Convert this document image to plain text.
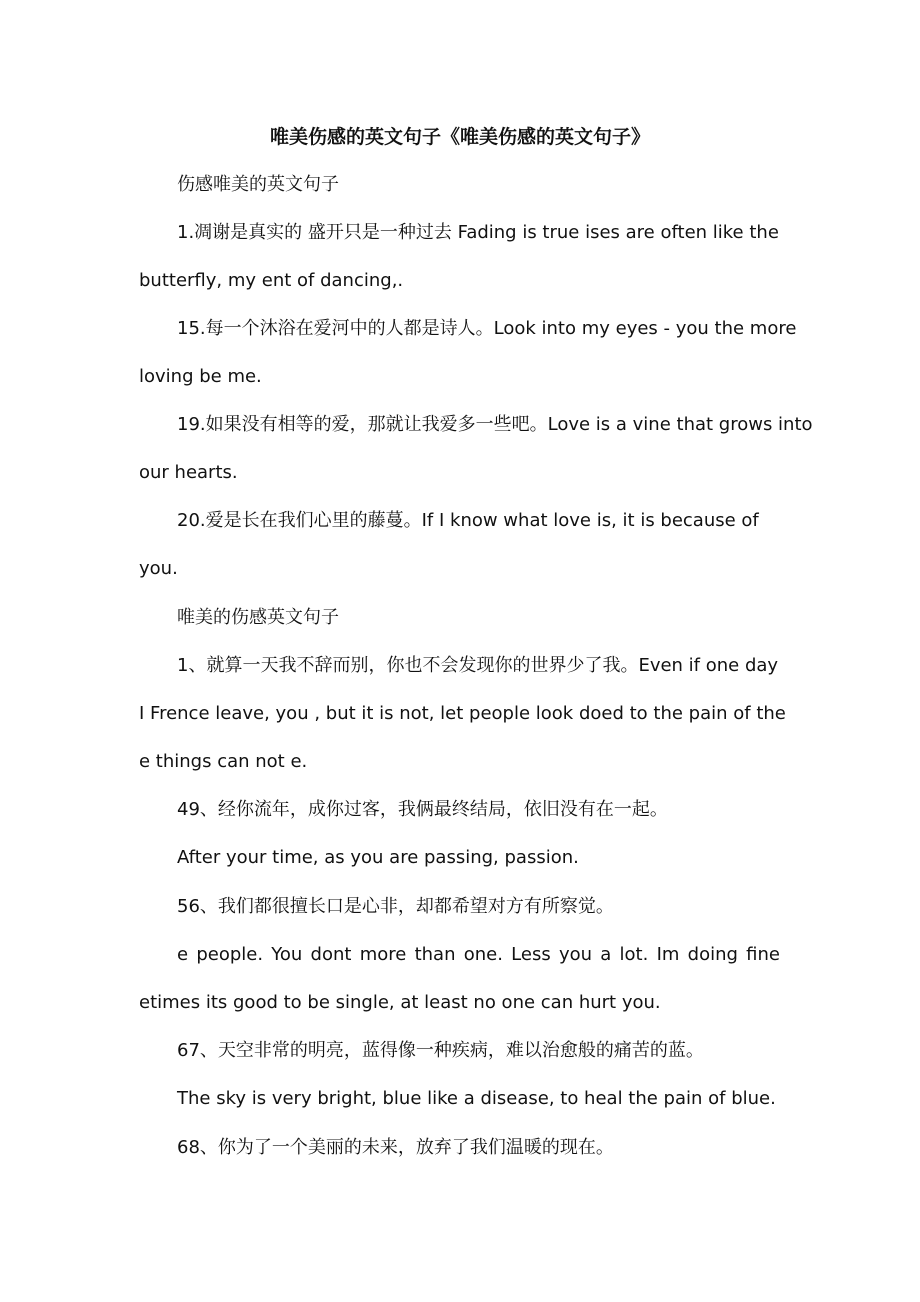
唯美伤感的英文句子《唯美伤感的英文句子》
伤感唯美的英文句子
1.凋谢是真实的 盛开只是一种过去 Fading is true ises are often like the
butterfly, my ent of dancing,.
15.每一个沐浴在爱河中的人都是诗人。Look into my eyes - you the more
loving be me.
19.如果没有相等的爱，那就让我爱多一些吧。Love is a vine that grows into
our hearts.
20.爱是长在我们心里的藤蔓。If I know what love is, it is because of
you.
唯美的伤感英文句子
1、就算一天我不辞而别，你也不会发现你的世界少了我。Even if one day
I Frence leave, you , but it is not, let people look doed to the pain of the
e things can not e.
49、经你流年，成你过客，我俩最终结局，依旧没有在一起。
After your time, as you are passing, passion.
56、我们都很擅长口是心非，却都希望对方有所察觉。
e people. You dont more than one. Less you a lot. Im doing fine
etimes its good to be single, at least no one can hurt you.
67、天空非常的明亮，蓝得像一种疾病，难以治愈般的痛苦的蓝。
The sky is very bright, blue like a disease, to heal the pain of blue.
68、你为了一个美丽的未来，放弃了我们温暖的现在。
